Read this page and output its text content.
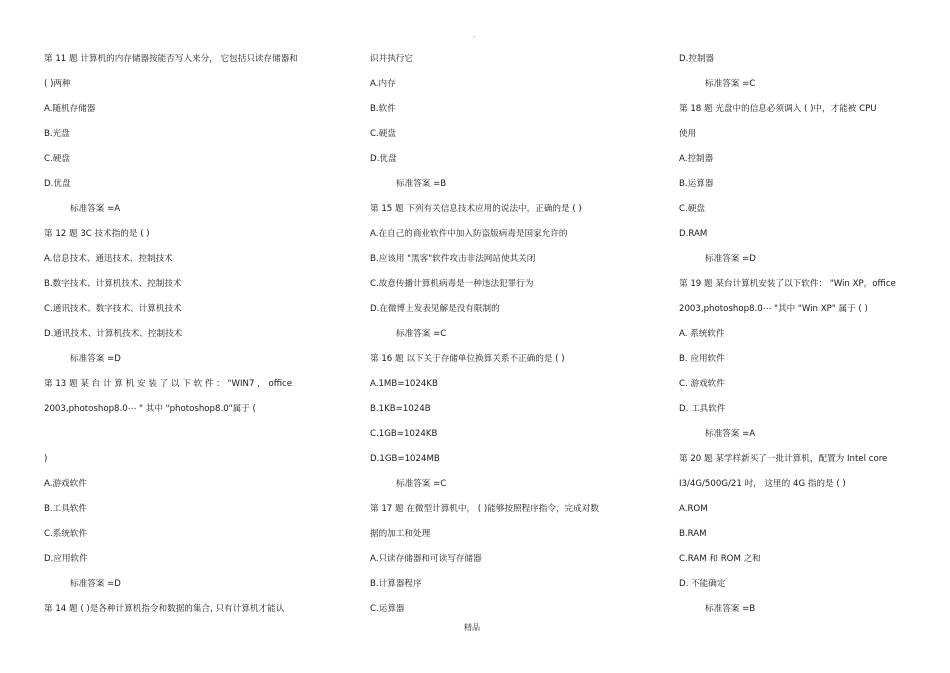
-
第 11 题 计算机的内存储器按能否写入来分， 它包括只读存储器和
( )两种
A.随机存储器
B.光盘
C.硬盘
D.优盘
标准答案 =A
第 12 题 3C 技术指的是 ( )
A.信息技术、通迅技术、控制技术
B.数字技术、计算机技术、控制技术
C.通讯技术、数字技术、计算机技术
D.通讯技术、计算机技术、控制技术
标准答案 =D
第 13 题 某 台 计 算 机 安 装 了 以 下 软 件 ： "WIN7 ， office
2003,photoshop8.0⋯ " 其中 "photoshop8.0"属于 (
)
A.游戏软件
B.工具软件
C.系统软件
D.应用软件
标准答案 =D
第 14 题 ( )是各种计算机指令和数据的集合, 只有计算机才能认
识并执行它
A.内存
B.软件
C.硬盘
D.优盘
标准答案 =B
第 15 题 下列有关信息技术应用的说法中，正确的是 ( )
A.在自己的商业软件中加入防盗版病毒是国家允许的
B.应该用 "黑客"软件攻击非法网站使其关闭
C.故意传播计算机病毒是一种违法犯罪行为
D.在微博上发表见解是没有限制的
标准答案 =C
第 16 题 以下关于存储单位换算关系不正确的是 ( )
A.1MB=1024KB
B.1KB=1024B
C.1GB=1024KB
D.1GB=1024MB
标准答案 =C
第 17 题 在微型计算机中， ( )能够按照程序指令，完成对数
据的加工和处理
A.只读存储器和可读写存储器
B.计算器程序
C.运算器
D.控制器
标准答案 =C
第 18 题 光盘中的信息必须调入 ( )中，才能被 CPU
使用
A.控制器
B.运算器
C.硬盘
D.RAM
标准答案 =D
第 19 题 某台计算机安装了以下软件： "Win XP，office
2003,photoshop8.0⋯ "其中 "Win XP" 属于 ( )
A. 系统软件
B. 应用软件
C. 游戏软件
D. 工具软件
标准答案 =A
第 20 题 某学样新买了一批计算机，配置为 Intel core
I3/4G/500G/21 吋， 这里的 4G 指的是 ( )
A.ROM
B.RAM
C.RAM 和 ROM 之和
D. 不能确定
标准答案 =B
精品
